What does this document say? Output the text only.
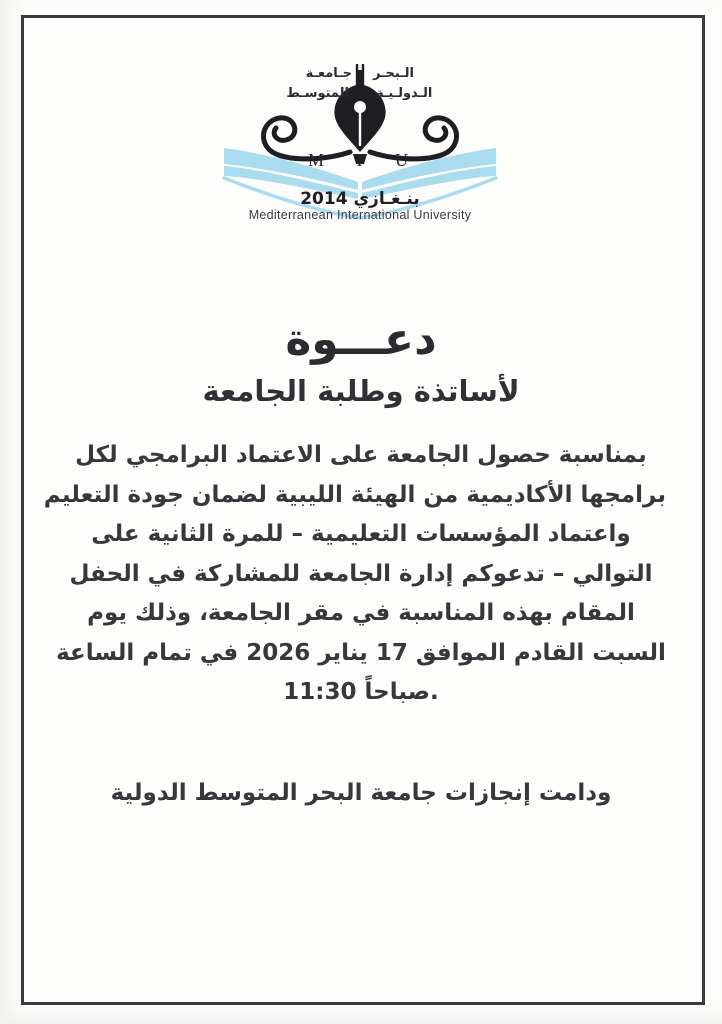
جـامعـة الـبحـر
المتوسـط الـدولـيـة
M I U
بنـغـازي 2014
Mediterranean International University
دعـــوة
لأساتذة وطلبة الجامعة
بمناسبة حصول الجامعة على الاعتماد البرامجي لكل
برامجها الأكاديمية من الهيئة الليبية لضمان جودة التعليم
واعتماد المؤسسات التعليمية – للمرة الثانية على
التوالي – تدعوكم إدارة الجامعة للمشاركة في الحفل
المقام بهذه المناسبة في مقر الجامعة، وذلك يوم
السبت القادم الموافق 17 يناير 2026 في تمام الساعة
11:30 صباحاً.
ودامت إنجازات جامعة البحر المتوسط الدولية
